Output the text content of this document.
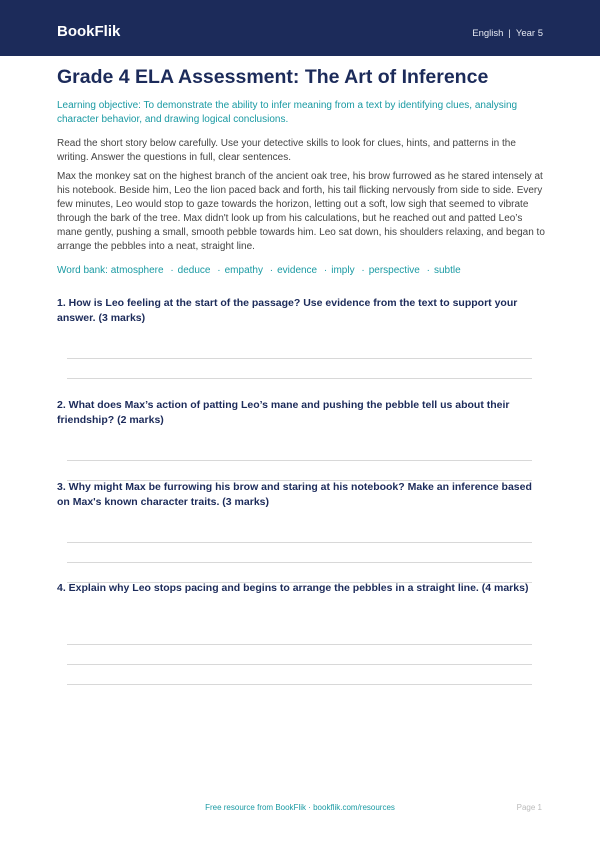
BookFlik	English | Year 5
Grade 4 ELA Assessment: The Art of Inference
Learning objective: To demonstrate the ability to infer meaning from a text by identifying clues, analysing character behavior, and drawing logical conclusions.
Read the short story below carefully. Use your detective skills to look for clues, hints, and patterns in the writing. Answer the questions in full, clear sentences.
Max the monkey sat on the highest branch of the ancient oak tree, his brow furrowed as he stared intensely at his notebook. Beside him, Leo the lion paced back and forth, his tail flicking nervously from side to side. Every few minutes, Leo would stop to gaze towards the horizon, letting out a soft, low sigh that seemed to vibrate through the bark of the tree. Max didn't look up from his calculations, but he reached out and patted Leo’s mane gently, pushing a small, smooth pebble towards him. Leo sat down, his shoulders relaxing, and began to arrange the pebbles into a neat, straight line.
Word bank: atmosphere · deduce · empathy · evidence · imply · perspective · subtle
1. How is Leo feeling at the start of the passage? Use evidence from the text to support your answer. (3 marks)
2. What does Max’s action of patting Leo’s mane and pushing the pebble tell us about their friendship? (2 marks)
3. Why might Max be furrowing his brow and staring at his notebook? Make an inference based on Max's known character traits. (3 marks)
4. Explain why Leo stops pacing and begins to arrange the pebbles in a straight line. (4 marks)
Free resource from BookFlik · bookflik.com/resources	Page 1
